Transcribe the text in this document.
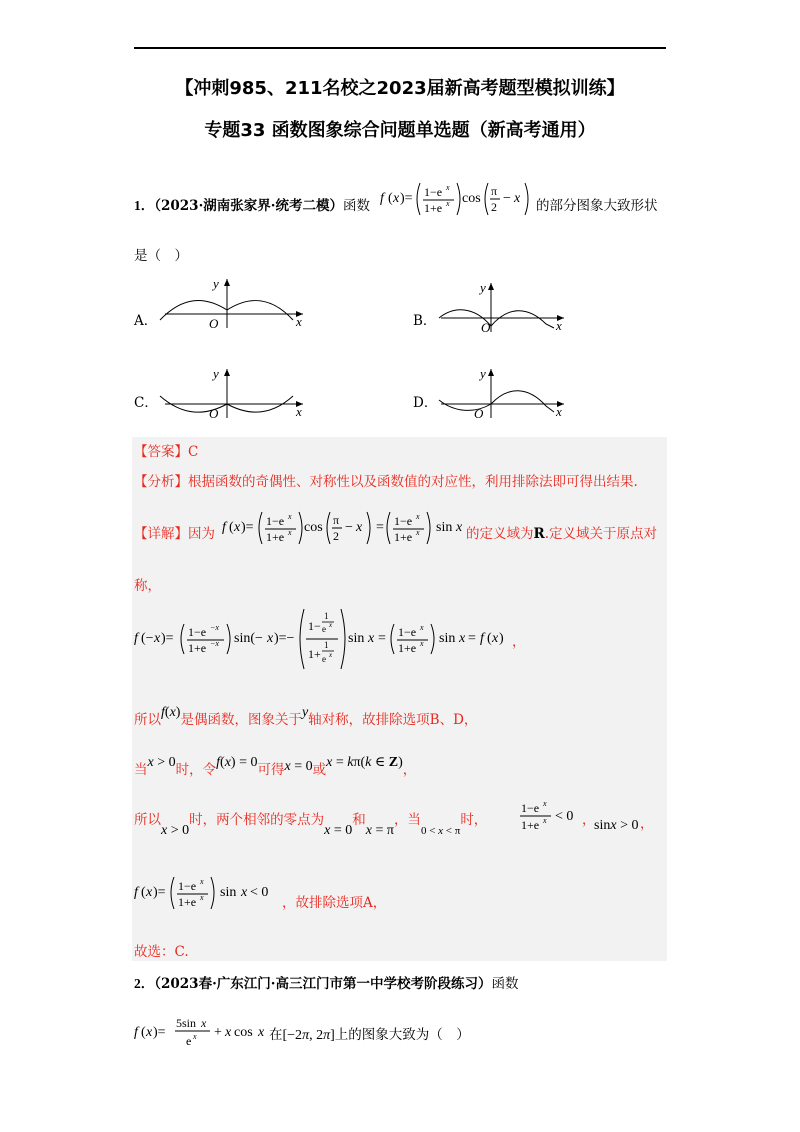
【冲刺985、211名校之2023届新高考题型模拟训练】
专题33 函数图象综合问题单选题（新高考通用）
1．（2023·湖南张家界·统考二模）函数 f ( x )= 1−e x
1+e x cos π
2
− x 的部分图象大致形状
是（　）
A．	x
y
O	B．	x
y
O
C．
x
y
O
D．
x
y
O
【答案】C
【分析】根据函数的奇偶性、对称性以及函数值的对应性，利用排除法即可得出结果.
【详解】因为 f ( x )= 1−e x
1+e x cos π
2
− x = 1−e x
1+e x sin x 的定义域为R.定义域关于原点对
称，
f (− x )= 1−e −x
1+e −x sin(− x )=−
1−
1
e x
1+
1
e x
sin x = 1−e x
1+e x sin x = f ( x ) ，
所以f(x)是偶函数，图象关于y轴对称，故排除选项B、D，
当x > 0时，令f(x) = 0可得x = 0或x = kπ(k ∈ Z)，
所以x > 0时，两个相邻的零点为x = 0和x = π，当$_{0 < x < \pi}$时，
1−e x
1+e x < 0 ，
sinx > 0 ，
f ( x )= 1−e x
1+e x sin x < 0
，故排除选项A，
故选：C.
2．（2023春·广东江门·高三江门市第一中学校考阶段练习）函数
f ( x )=
5sin x
e x + x cos x 在[−2π, 2π]上的图象大致为（　）
